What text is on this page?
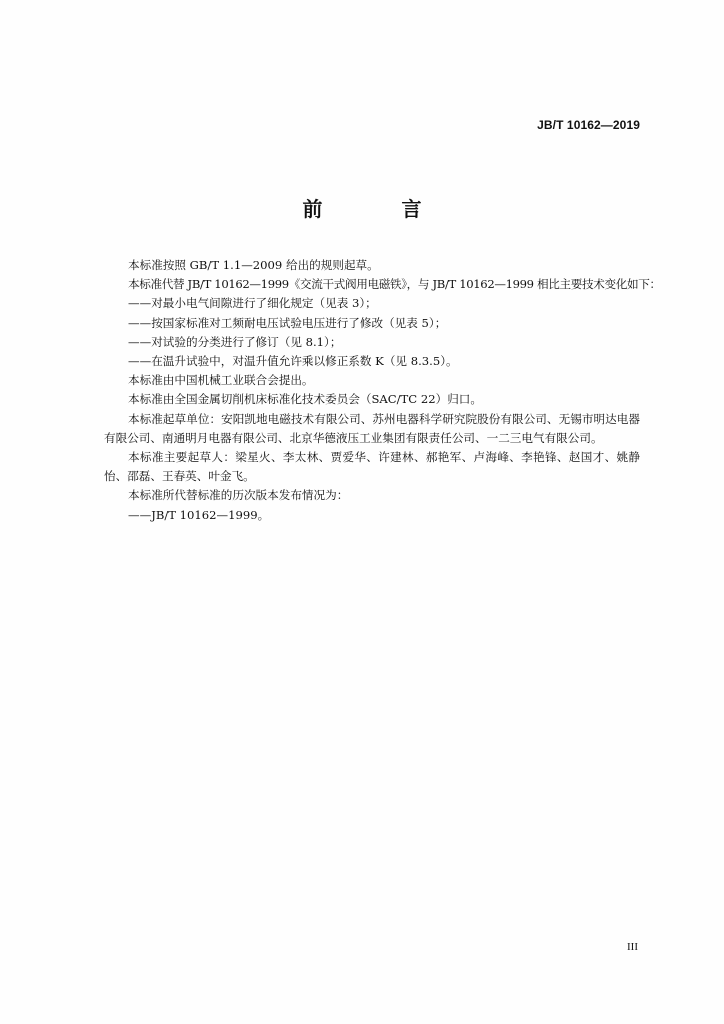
JB/T 10162—2019
前 言

本标准按照 GB/T 1.1—2009 给出的规则起草。

本标准代替 JB/T 10162—1999《交流干式阀用电磁铁》，与 JB/T 10162—1999 相比主要技术变化如下：

——对最小电气间隙进行了细化规定（见表 3）；

——按国家标准对工频耐电压试验电压进行了修改（见表 5）；

——对试验的分类进行了修订（见 8.1）；

——在温升试验中，对温升值允许乘以修正系数 K（见 8.3.5）。

本标准由中国机械工业联合会提出。

本标准由全国金属切削机床标准化技术委员会（SAC/TC 22）归口。

本标准起草单位：安阳凯地电磁技术有限公司、苏州电器科学研究院股份有限公司、无锡市明达电器有限公司、南通明月电器有限公司、北京华德液压工业集团有限责任公司、一二三电气有限公司。

本标准主要起草人：梁星火、李太林、贾爱华、许建林、郝艳军、卢海峰、李艳锋、赵国才、姚静怡、邵磊、王春英、叶金飞。

本标准所代替标准的历次版本发布情况为：

——JB/T 10162—1999。

III
